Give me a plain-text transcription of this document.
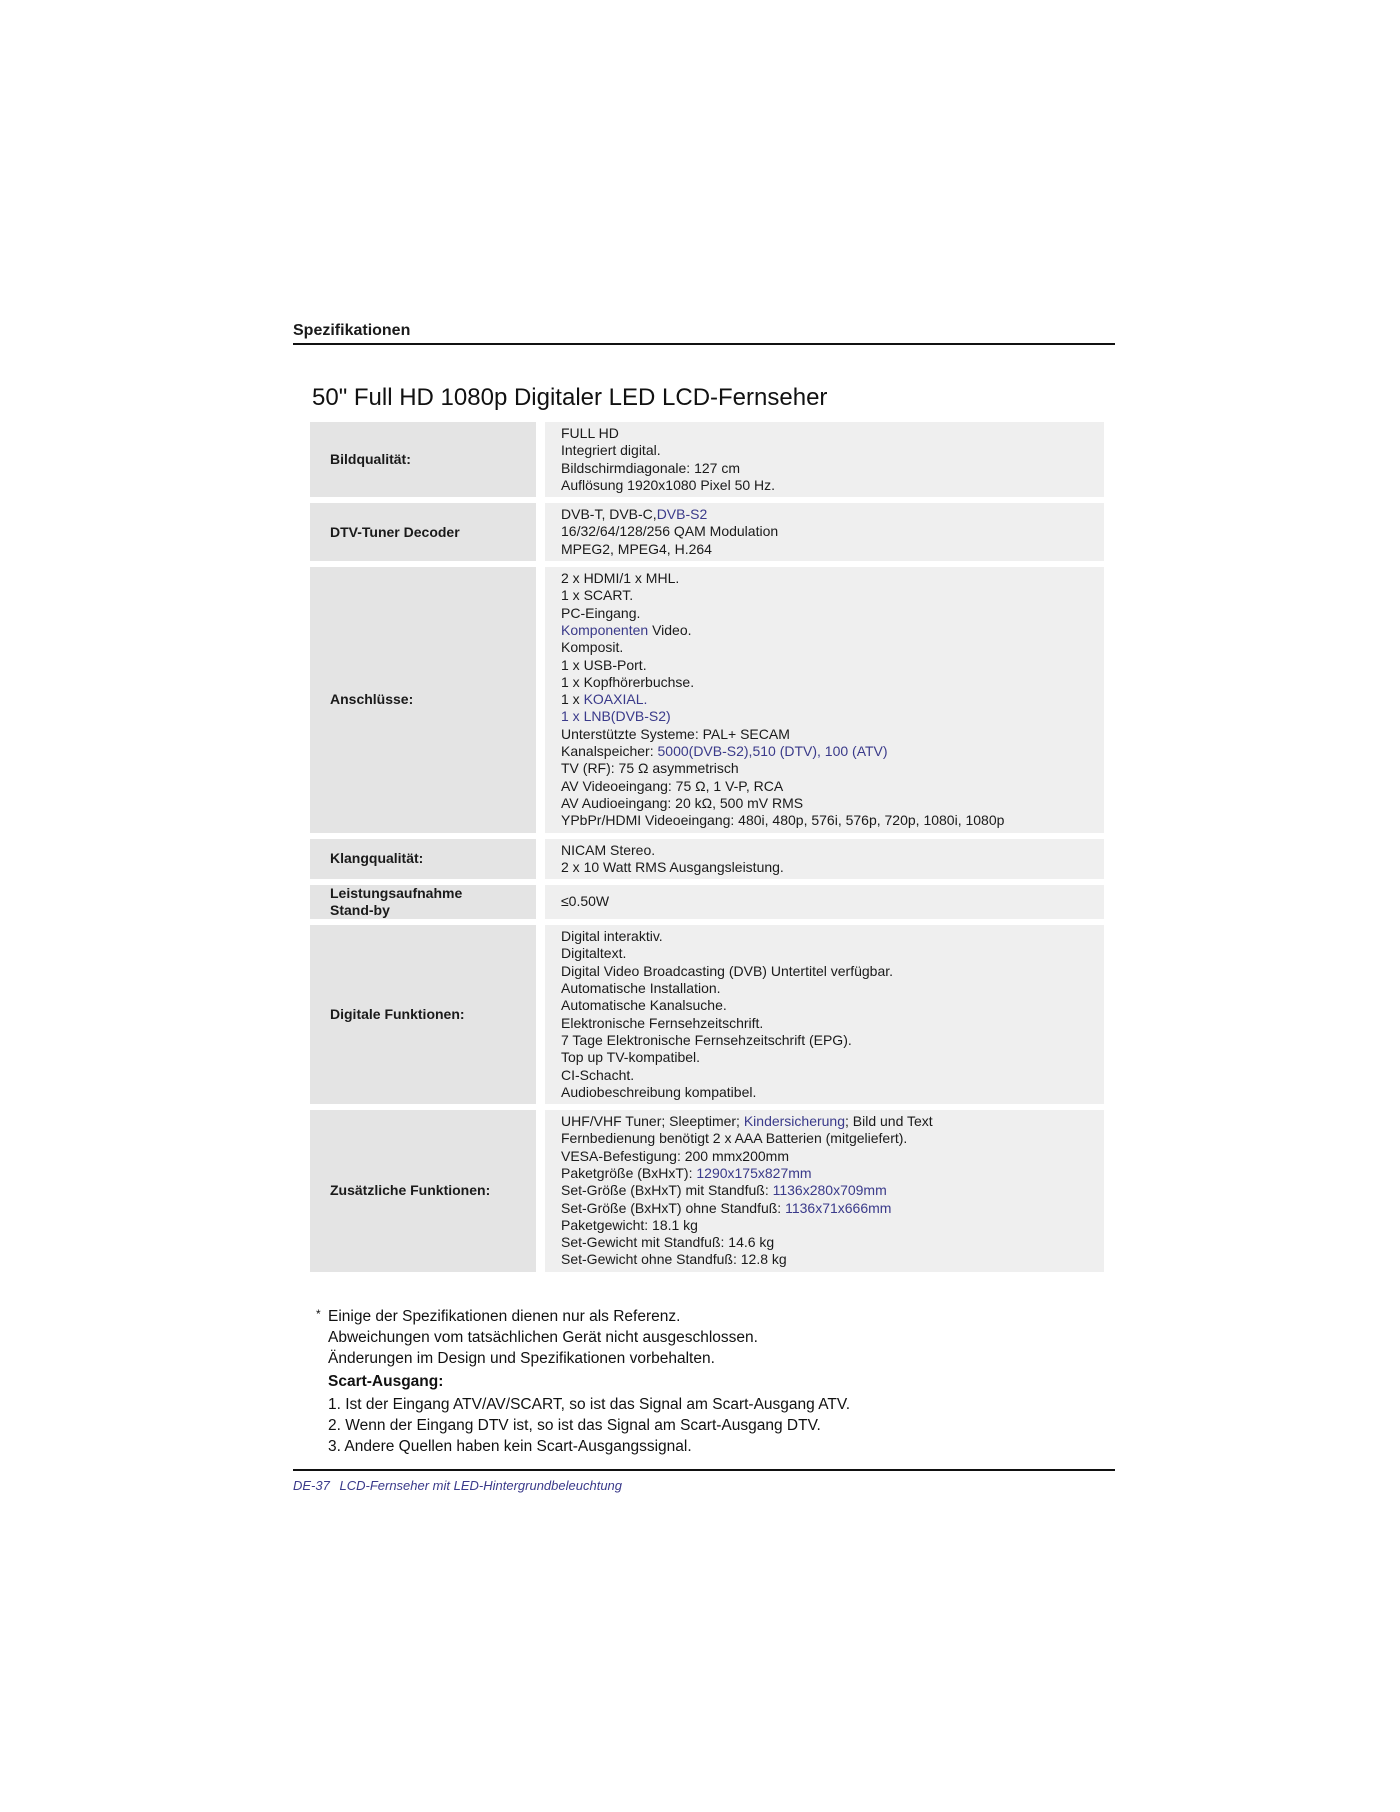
Spezifikationen
50" Full HD 1080p Digitaler LED LCD-Fernseher
Bildqualität:
FULL HD
Integriert digital.
Bildschirmdiagonale: 127 cm
Auflösung 1920x1080 Pixel 50 Hz.
DTV-Tuner Decoder
DVB-T, DVB-C,DVB-S2
16/32/64/128/256 QAM Modulation
MPEG2, MPEG4, H.264
Anschlüsse:
2 x HDMI/1 x MHL.
1 x SCART.
PC-Eingang.
Komponenten Video.
Komposit.
1 x USB-Port.
1 x Kopfhörerbuchse.
1 x KOAXIAL.
1 x LNB(DVB-S2)
Unterstützte Systeme: PAL+ SECAM
Kanalspeicher: 5000(DVB-S2),510 (DTV), 100 (ATV)
TV (RF): 75 Ω asymmetrisch
AV Videoeingang: 75 Ω, 1 V-P, RCA
AV Audioeingang: 20 kΩ, 500 mV RMS
YPbPr/HDMI Videoeingang: 480i, 480p, 576i, 576p, 720p, 1080i, 1080p
Klangqualität:
NICAM Stereo.
2 x 10 Watt RMS Ausgangsleistung.
Leistungsaufnahme
Stand-by
≤0.50W
Digitale Funktionen:
Digital interaktiv.
Digitaltext.
Digital Video Broadcasting (DVB) Untertitel verfügbar.
Automatische Installation.
Automatische Kanalsuche.
Elektronische Fernsehzeitschrift.
7 Tage Elektronische Fernsehzeitschrift (EPG).
Top up TV-kompatibel.
CI-Schacht.
Audiobeschreibung kompatibel.
Zusätzliche Funktionen:
UHF/VHF Tuner; Sleeptimer; Kindersicherung; Bild und Text
Fernbedienung benötigt 2 x AAA Batterien (mitgeliefert).
VESA-Befestigung: 200 mmx200mm
Paketgröße (BxHxT): 1290x175x827mm
Set-Größe (BxHxT) mit Standfuß: 1136x280x709mm
Set-Größe (BxHxT) ohne Standfuß: 1136x71x666mm
Paketgewicht: 18.1 kg
Set-Gewicht mit Standfuß: 14.6 kg
Set-Gewicht ohne Standfuß: 12.8 kg
* Einige der Spezifikationen dienen nur als Referenz.
Abweichungen vom tatsächlichen Gerät nicht ausgeschlossen.
Änderungen im Design und Spezifikationen vorbehalten.
Scart-Ausgang:
1. Ist der Eingang ATV/AV/SCART, so ist das Signal am Scart-Ausgang ATV.
2. Wenn der Eingang DTV ist, so ist das Signal am Scart-Ausgang DTV.
3. Andere Quellen haben kein Scart-Ausgangssignal.
DE-37 LCD-Fernseher mit LED-Hintergrundbeleuchtung
